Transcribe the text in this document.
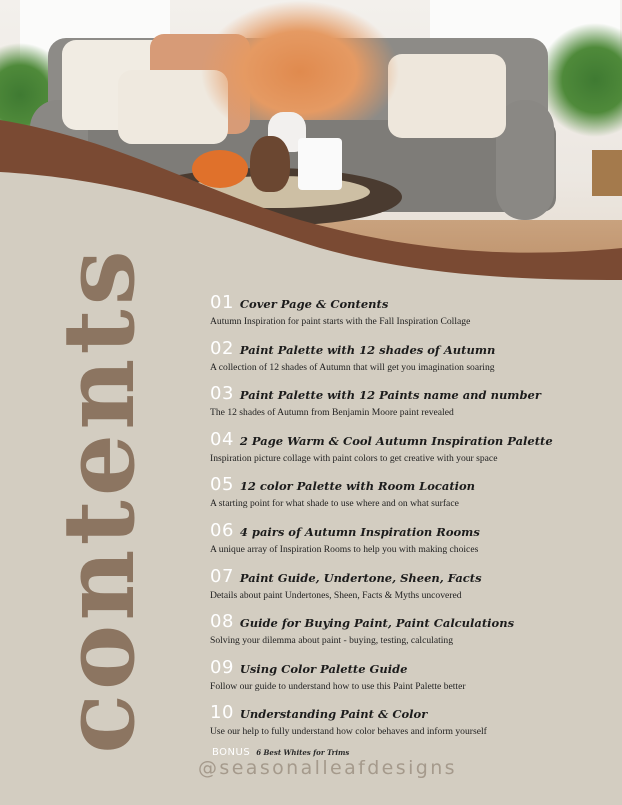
contents	01 Cover Page & Contents
Autumn Inspiration for paint starts with the Fall Inspiration Collage
02 Paint Palette with 12 shades of Autumn
A collection of 12 shades of Autumn that will get you imagination soaring
03 Paint Palette with 12 Paints name and number
The 12 shades of Autumn from Benjamin Moore paint revealed
04 2 Page Warm & Cool Autumn Inspiration Palette
Inspiration picture collage with paint colors to get creative with your space
05 12 color Palette with Room Location
A starting point for what shade to use where and on what surface
06 4 pairs of Autumn Inspiration Rooms
A unique array of Inspiration Rooms to help you with making choices
07 Paint Guide, Undertone, Sheen, Facts
Details about paint Undertones, Sheen, Facts & Myths uncovered
08 Guide for Buying Paint, Paint Calculations
Solving your dilemma about paint - buying, testing, calculating
09 Using Color Palette Guide
Follow our guide to understand how to use this Paint Palette better
10 Understanding Paint & Color
Use our help to fully understand how color behaves and inform yourself
BONUS 6 Best Whites for Trims
@seasonalleafdesigns
